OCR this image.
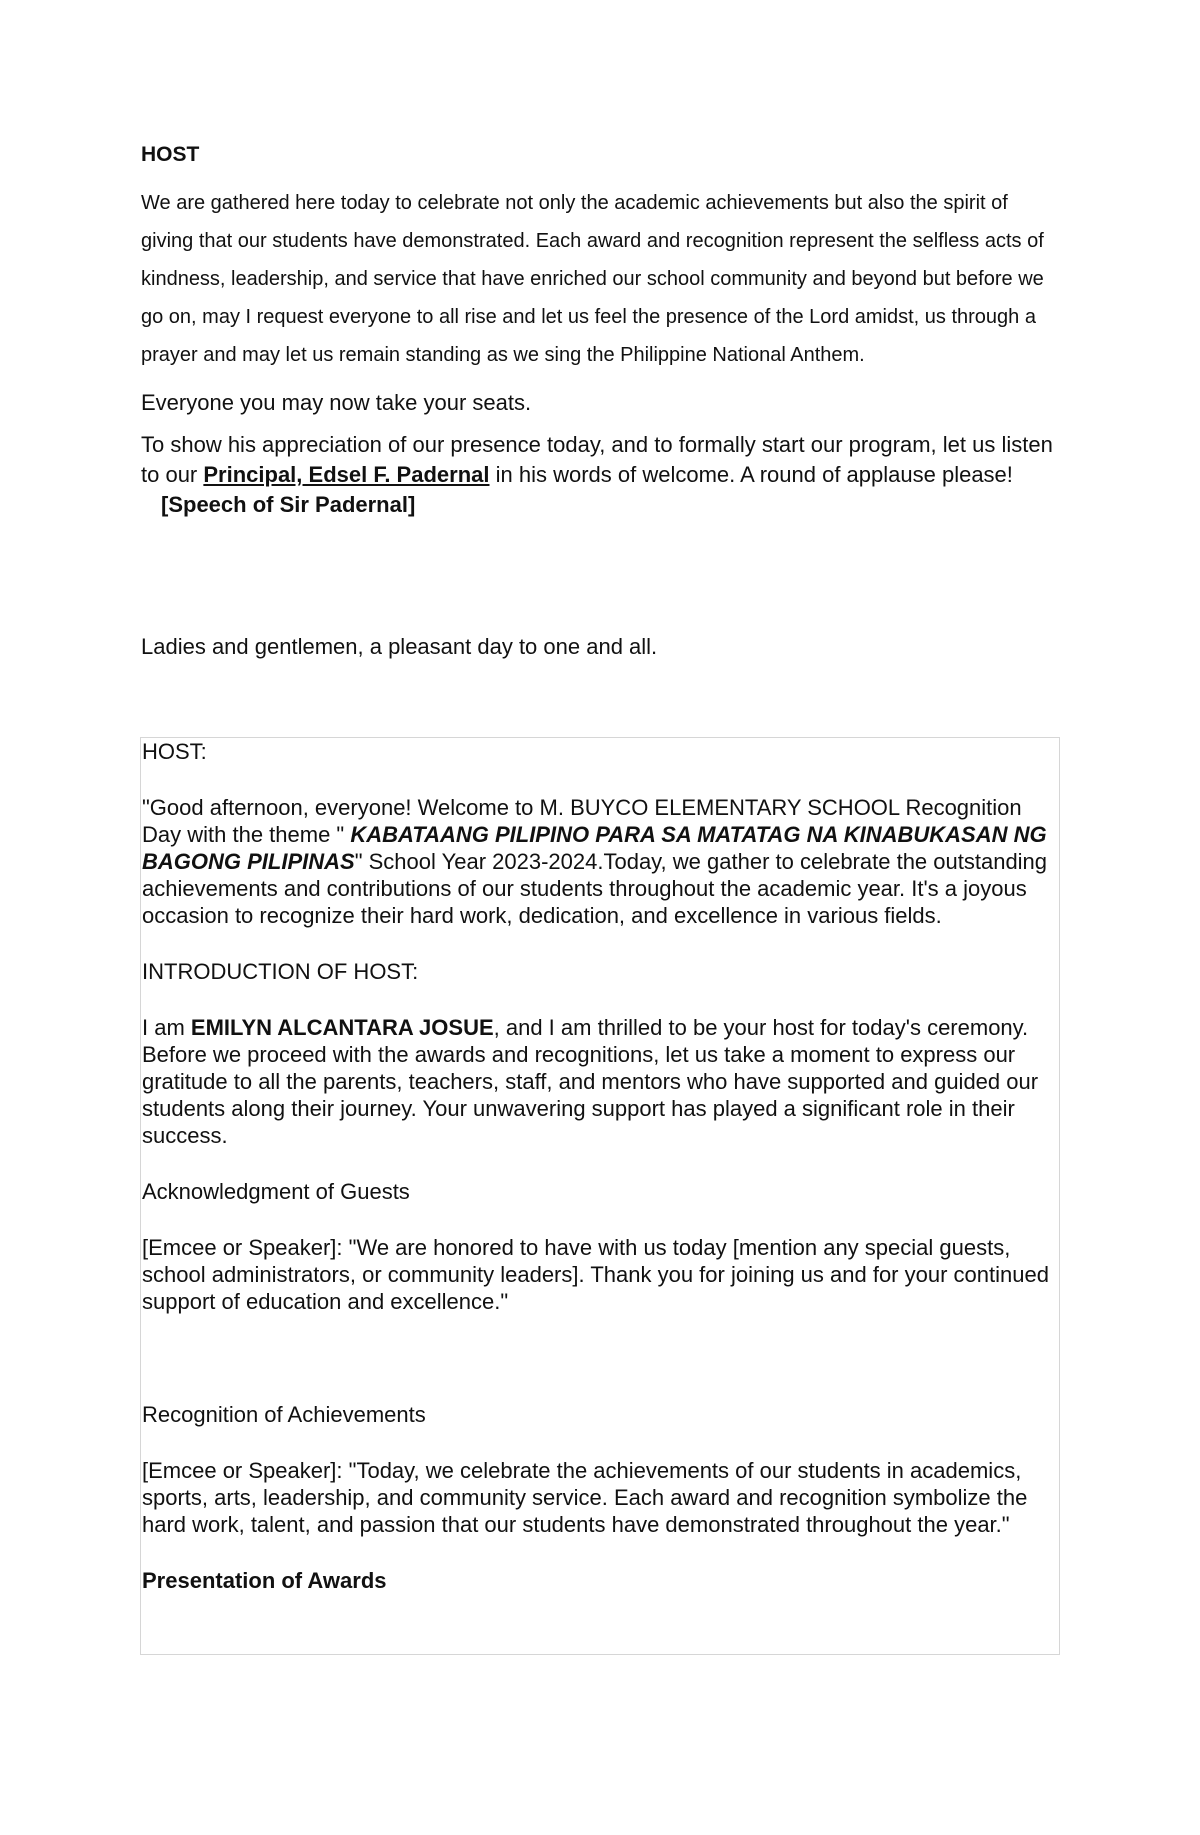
HOST

We are gathered here today to celebrate not only the academic achievements but also the spirit of giving that our students have demonstrated. Each award and recognition represent the selfless acts of kindness, leadership, and service that have enriched our school community and beyond but before we go on, may I request everyone to all rise and let us feel the presence of the Lord amidst, us through a prayer and may let us remain standing as we sing the Philippine National Anthem.

Everyone you may now take your seats.

To show his appreciation of our presence today, and to formally start our program, let us listen to our Principal, Edsel F. Padernal in his words of welcome. A round of applause please![Speech of Sir Padernal]

Ladies and gentlemen, a pleasant day to one and all.

HOST:

"Good afternoon, everyone! Welcome to M. BUYCO ELEMENTARY SCHOOL Recognition Day with the theme " KABATAANG PILIPINO PARA SA MATATAG NA KINABUKASAN NG BAGONG PILIPINAS" School Year 2023-2024.Today, we gather to celebrate the outstanding achievements and contributions of our students throughout the academic year. It's a joyous occasion to recognize their hard work, dedication, and excellence in various fields.

INTRODUCTION OF HOST:

I am EMILYN ALCANTARA JOSUE, and I am thrilled to be your host for today's ceremony. Before we proceed with the awards and recognitions, let us take a moment to express our gratitude to all the parents, teachers, staff, and mentors who have supported and guided our students along their journey. Your unwavering support has played a significant role in their success.

Acknowledgment of Guests

[Emcee or Speaker]: "We are honored to have with us today [mention any special guests, school administrators, or community leaders]. Thank you for joining us and for your continued support of education and excellence."

Recognition of Achievements

[Emcee or Speaker]: "Today, we celebrate the achievements of our students in academics, sports, arts, leadership, and community service. Each award and recognition symbolize the hard work, talent, and passion that our students have demonstrated throughout the year."

Presentation of Awards
